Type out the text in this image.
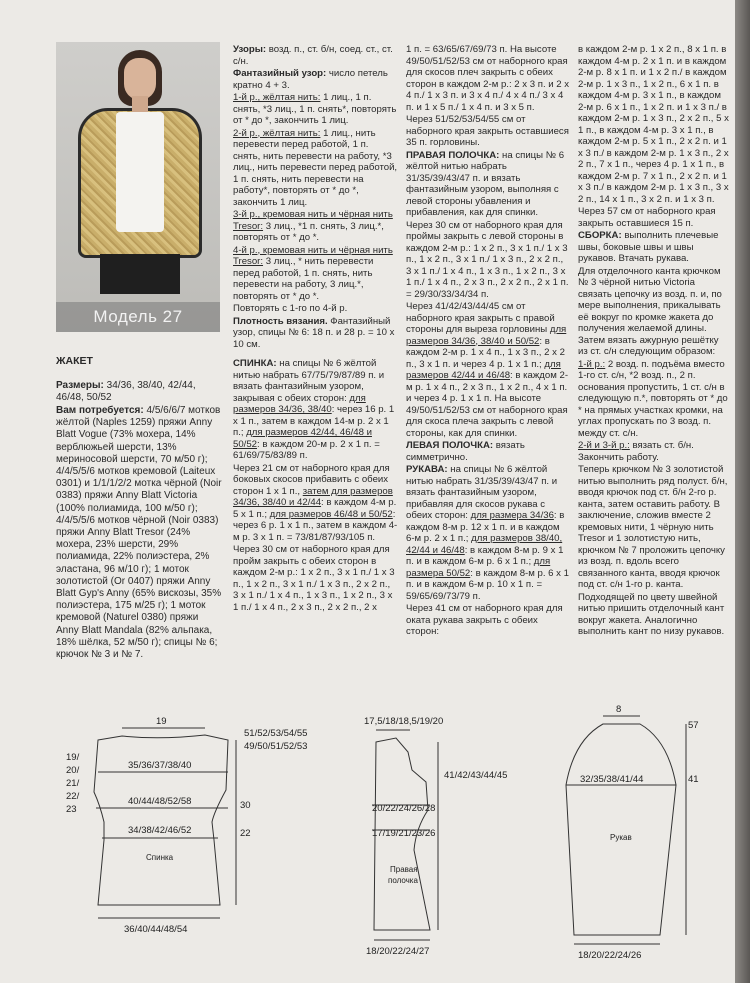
Модель 27
ЖАКЕТ

Размеры: 34/36, 38/40, 42/44, 46/48, 50/52

Вам потребуется: 4/5/6/6/7 мотков жёлтой (Naples 1259) пряжи Anny Blatt Vogue (73% мохера, 14% верблюжьей шерсти, 13% мериносовой шерсти, 70 м/50 г); 4/4/5/5/6 мотков кремовой (Laiteux 0301) и 1/1/1/2/2 мотка чёрной (Noir 0383) пряжи Anny Blatt Victoria (100% полиамида, 100 м/50 г); 4/4/5/5/6 мотков чёрной (Noir 0383) пряжи Anny Blatt Tresor (24% мохера, 23% шерсти, 29% полиамида, 22% полиэстера, 2% эластана, 96 м/10 г); 1 моток золотистой (Or 0407) пряжи Anny Blatt Gyp's Anny (65% вискозы, 35% полиэстера, 175 м/25 г); 1 моток кремовой (Naturel 0380) пряжи Anny Blatt Mandala (82% альпака, 18% шёлка, 52 м/50 г); спицы № 6; крючок № 3 и № 7.

Узоры: возд. п., ст. б/н, соед. ст., ст. с/н.

Фантазийный узор: число петель кратно 4 + 3.

1-й р., жёлтая нить: 1 лиц., 1 п. снять, *3 лиц., 1 п. снять*, повторять от * до *, закончить 1 лиц.

2-й р., жёлтая нить: 1 лиц., нить перевести перед работой, 1 п. снять, нить перевести на работу, *3 лиц., нить перевести перед работой, 1 п. снять, нить перевести на работу*, повторять от * до *, закончить 1 лиц.

3-й р., кремовая нить и чёрная нить Tresor: 3 лиц., *1 п. снять, 3 лиц.*, повторять от * до *.

4-й р., кремовая нить и чёрная нить Tresor: 3 лиц., * нить перевести перед работой, 1 п. снять, нить перевести на работу, 3 лиц.*, повторять от * до *.

Повторять с 1-го по 4-й р.

Плотность вязания. Фантазийный узор, спицы № 6: 18 п. и 28 р. = 10 х 10 см.

СПИНКА: на спицы № 6 жёлтой нитью набрать 67/75/79/87/89 п. и вязать фантазийным узором, закрывая с обеих сторон: для размеров 34/36, 38/40: через 16 р. 1 х 1 п., затем в каждом 14-м р. 2 х 1 п.; для размеров 42/44, 46/48 и 50/52: в каждом 20-м р. 2 х 1 п. = 61/69/75/83/89 п.

Через 21 см от наборного края для боковых скосов прибавить с обеих сторон 1 х 1 п., затем для размеров 34/36, 38/40 и 42/44: в каждом 4-м р. 5 х 1 п.; для размеров 46/48 и 50/52: через 6 р. 1 х 1 п., затем в каждом 4-м р. 3 х 1 п. = 73/81/87/93/105 п.

Через 30 см от наборного края для пройм закрыть с обеих сторон в каждом 2-м р.: 1 х 2 п., 3 х 1 п./ 1 х 3 п., 1 х 2 п., 3 х 1 п./ 1 х 3 п., 2 х 2 п., 3 х 1 п./ 1 х 4 п., 1 х 3 п., 1 х 2 п., 3 х 1 п./ 1 х 4 п., 2 х 3 п., 2 х 2 п., 2 х

1 п. = 63/65/67/69/73 п. На высоте 49/50/51/52/53 см от наборного края для скосов плеч закрыть с обеих сторон в каждом 2-м р.: 2 х 3 п. и 2 х 4 п./ 1 х 3 п. и 3 х 4 п./ 4 х 4 п./ 3 х 4 п. и 1 х 5 п./ 1 х 4 п. и 3 х 5 п.

Через 51/52/53/54/55 см от наборного края закрыть оставшиеся 35 п. горловины.

ПРАВАЯ ПОЛОЧКА: на спицы № 6 жёлтой нитью набрать 31/35/39/43/47 п. и вязать фантазийным узором, выполняя с левой стороны убавления и прибавления, как для спинки.

Через 30 см от наборного края для проймы закрыть с левой стороны в каждом 2-м р.: 1 х 2 п., 3 х 1 п./ 1 х 3 п., 1 х 2 п., 3 х 1 п./ 1 х 3 п., 2 х 2 п., 3 х 1 п./ 1 х 4 п., 1 х 3 п., 1 х 2 п., 3 х 1 п./ 1 х 4 п., 2 х 3 п., 2 х 2 п., 2 х 1 п. = 29/30/33/34/34 п.

Через 41/42/43/44/45 см от наборного края закрыть с правой стороны для выреза горловины для размеров 34/36, 38/40 и 50/52: в каждом 2-м р. 1 х 4 п., 1 х 3 п., 2 х 2 п., 3 х 1 п. и через 4 р. 1 х 1 п.; для размеров 42/44 и 46/48: в каждом 2-м р. 1 х 4 п., 2 х 3 п., 1 х 2 п., 4 х 1 п. и через 4 р. 1 х 1 п. На высоте 49/50/51/52/53 см от наборного края для скоса плеча закрыть с левой стороны, как для спинки.

ЛЕВАЯ ПОЛОЧКА: вязать симметрично.

РУКАВА: на спицы № 6 жёлтой нитью набрать 31/35/39/43/47 п. и вязать фантазийным узором, прибавляя для скосов рукава с обеих сторон: для размера 34/36: в каждом 8-м р. 12 х 1 п. и в каждом 6-м р. 2 х 1 п.; для размеров 38/40, 42/44 и 46/48: в каждом 8-м р. 9 х 1 п. и в каждом 6-м р. 6 х 1 п.; для размера 50/52: в каждом 8-м р. 6 х 1 п. и в каждом 6-м р. 10 х 1 п. = 59/65/69/73/79 п.

Через 41 см от наборного края для оката рукава закрыть с обеих сторон:

в каждом 2-м р. 1 х 2 п., 8 х 1 п. в каждом 4-м р. 2 х 1 п. и в каждом 2-м р. 8 х 1 п. и 1 х 2 п./ в каждом 2-м р. 1 х 3 п., 1 х 2 п., 6 х 1 п. в каждом 4-м р. 3 х 1 п., в каждом 2-м р. 6 х 1 п., 1 х 2 п. и 1 х 3 п./ в каждом 2-м р. 1 х 3 п., 2 х 2 п., 5 х 1 п., в каждом 4-м р. 3 х 1 п., в каждом 2-м р. 5 х 1 п., 2 х 2 п. и 1 х 3 п./ в каждом 2-м р. 1 х 3 п., 2 х 2 п., 7 х 1 п., через 4 р. 1 х 1 п., в каждом 2-м р. 7 х 1 п., 2 х 2 п. и 1 х 3 п./ в каждом 2-м р. 1 х 3 п., 3 х 2 п., 14 х 1 п., 3 х 2 п. и 1 х 3 п.

Через 57 см от наборного края закрыть оставшиеся 15 п.

СБОРКА: выполнить плечевые швы, боковые швы и швы рукавов. Втачать рукава.

Для отделочного канта крючком № 3 чёрной нитью Victoria связать цепочку из возд. п. и, по мере выполнения, прикалывать её вокруг по кромке жакета до получения желаемой длины. Затем вязать ажурную решётку из ст. с/н следующим образом:

1-й р.: 2 возд. п. подъёма вместо 1-го ст. с/н, *2 возд. п., 2 п. основания пропустить, 1 ст. с/н в следующую п.*, повторять от * до * на прямых участках кромки, на углах пропускать по 3 возд. п. между ст. с/н.

2-й и 3-й р.: вязать ст. б/н. Закончить работу.

Теперь крючком № 3 золотистой нитью выполнить ряд полуст. б/н, вводя крючок под ст. б/н 2-го р. канта, затем оставить работу. В заключение, сложив вместе 2 кремовых нити, 1 чёрную нить Tresor и 1 золотистую нить, крючком № 7 проложить цепочку из возд. п. вдоль всего связанного канта, вводя крючок под ст. с/н 1-го р. канта.

Подходящей по цвету швейной нитью пришить отделочный кант вокруг жакета. Аналогично выполнить кант по низу рукавов.

19
51/52/53/54/55
49/50/51/52/53
19/
20/
21/
22/
23
35/36/37/38/40
40/44/48/52/58
34/38/42/46/52
30
22
Спинка
36/40/44/48/54
17,5/18/18,5/19/20
41/42/43/44/45
20/22/24/26/28
17/19/21/23/26
Правая
полочка
18/20/22/24/27
8
57
32/35/38/41/44	41
Рукав
18/20/22/24/26
